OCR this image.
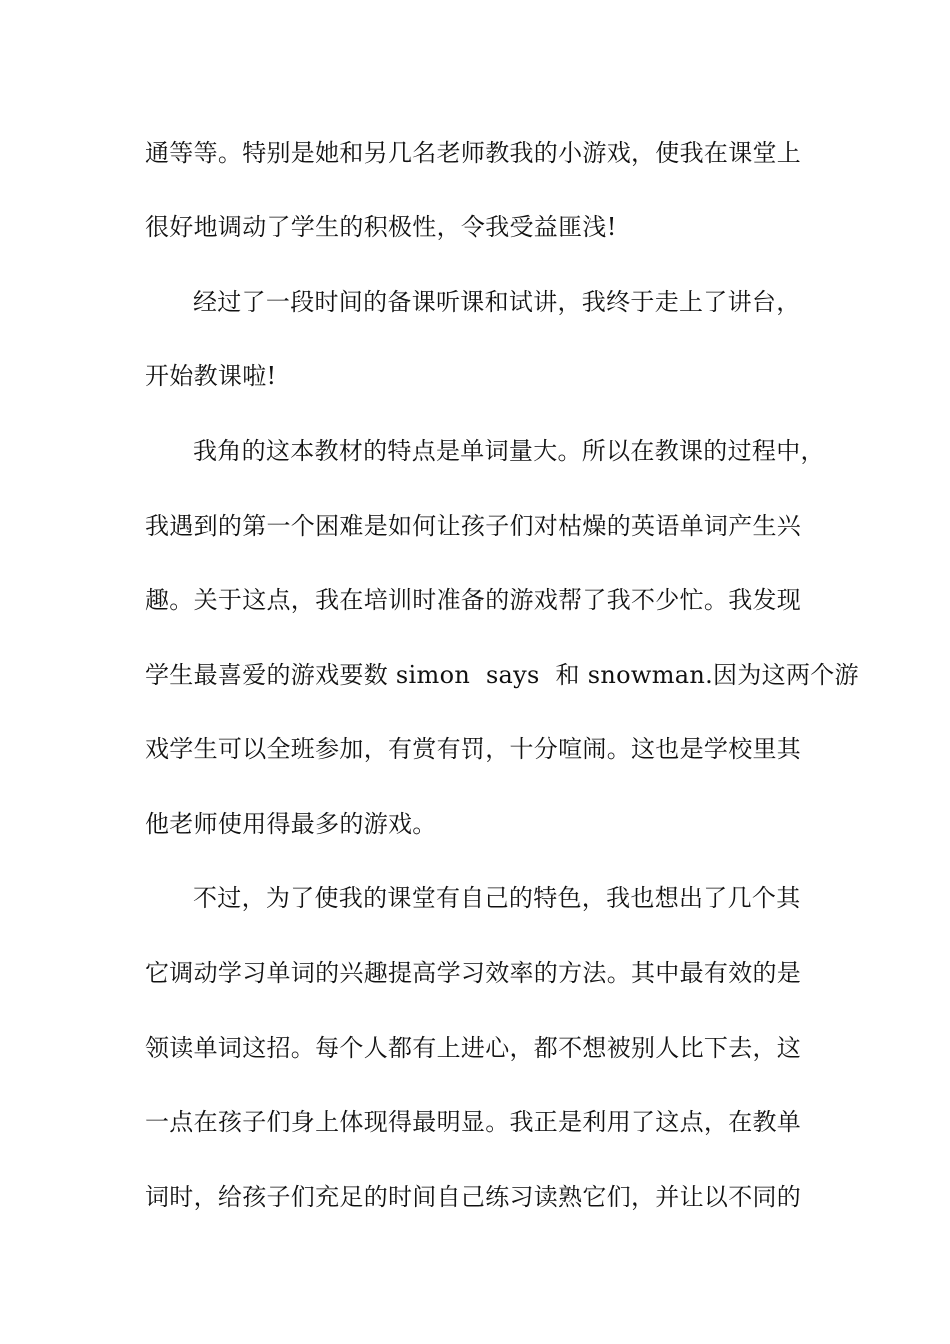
通等等。特别是她和另几名老师教我的小游戏，使我在课堂上
很好地调动了学生的积极性，令我受益匪浅!
经过了一段时间的备课听课和试讲，我终于走上了讲台，
开始教课啦!
我角的这本教材的特点是单词量大。所以在教课的过程中，
我遇到的第一个困难是如何让孩子们对枯燥的英语单词产生兴
趣。关于这点，我在培训时准备的游戏帮了我不少忙。我发现
学生最喜爱的游戏要数 simon  says  和 snowman.因为这两个游
戏学生可以全班参加，有赏有罚，十分喧闹。这也是学校里其
他老师使用得最多的游戏。
不过，为了使我的课堂有自己的特色，我也想出了几个其
它调动学习单词的兴趣提高学习效率的方法。其中最有效的是
领读单词这招。每个人都有上进心，都不想被别人比下去，这
一点在孩子们身上体现得最明显。我正是利用了这点，在教单
词时，给孩子们充足的时间自己练习读熟它们，并让以不同的
